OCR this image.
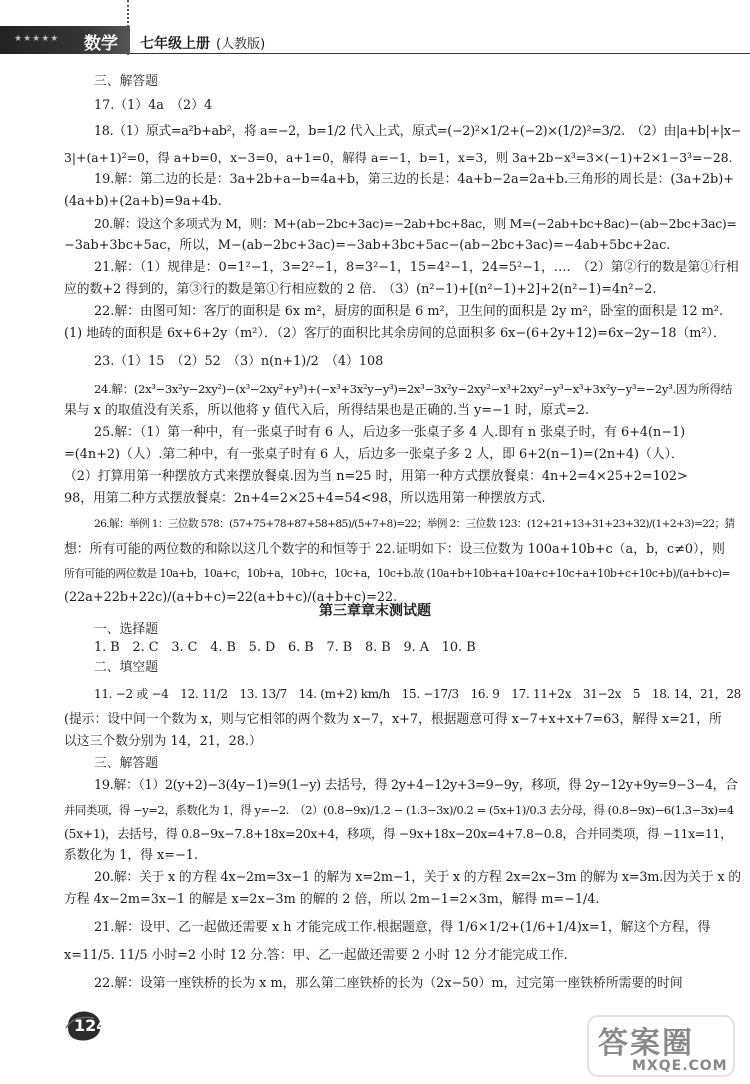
★★★★★ 数学 七年级上册 (人教版)
三、解答题
17.（1）4a　（2）4
18.（1）原式=a²b+ab²，将 a=−2，b=1/2 代入上式，原式=(−2)²×1/2+(−2)×(1/2)²=3/2.　（2）由|a+b|+|x−
3|+(a+1)²=0，得 a+b=0，x−3=0，a+1=0，解得 a=−1，b=1，x=3，则 3a+2b−x³=3×(−1)+2×1−3³=−28.
19.解：第二边的长是：3a+2b+a−b=4a+b，第三边的长是：4a+b−2a=2a+b.三角形的周长是：(3a+2b)+
(4a+b)+(2a+b)=9a+4b.
20.解：设这个多项式为 M，则：M+(ab−2bc+3ac)=−2ab+bc+8ac，则 M=(−2ab+bc+8ac)−(ab−2bc+3ac)=
−3ab+3bc+5ac，所以，M−(ab−2bc+3ac)=−3ab+3bc+5ac−(ab−2bc+3ac)=−4ab+5bc+2ac.
21.解：（1）规律是：0=1²−1，3=2²−1，8=3²−1，15=4²−1，24=5²−1，….　（2）第②行的数是第①行相
应的数+2 得到的，第③行的数是第①行相应数的 2 倍.　（3）(n²−1)+[(n²−1)+2]+2(n²−1)=4n²−2.
22.解：由图可知：客厅的面积是 6x m²，厨房的面积是 6 m²，卫生间的面积是 2y m²，卧室的面积是 12 m².
(1) 地砖的面积是 6x+6+2y（m²）．（2）客厅的面积比其余房间的总面积多 6x−(6+2y+12)=6x−2y−18（m²）．
23.（1）15　（2）52　（3）n(n+1)/2　（4）108
24.解：(2x³−3x²y−2xy²)−(x³−2xy²+y³)+(−x³+3x²y−y³)=2x³−3x²y−2xy²−x³+2xy²−y³−x³+3x²y−y³=−2y³.因为所得结
果与 x 的取值没有关系，所以他将 y 值代入后，所得结果也是正确的.当 y=−1 时，原式=2.
25.解：（1）第一种中，有一张桌子时有 6 人，后边多一张桌子多 4 人.即有 n 张桌子时，有 6+4(n−1)
=(4n+2)（人）.第二种中，有一张桌子时有 6 人，后边多一张桌子多 2 人，即 6+2(n−1)=(2n+4)（人）．
（2）打算用第一种摆放方式来摆放餐桌.因为当 n=25 时，用第一种方式摆放餐桌：4n+2=4×25+2=102>
98，用第二种方式摆放餐桌：2n+4=2×25+4=54<98，所以选用第一种摆放方式.
26.解：举例 1：三位数 578：(57+75+78+87+58+85)/(5+7+8)=22；举例 2：三位数 123：(12+21+13+31+23+32)/(1+2+3)=22；猜
想：所有可能的两位数的和除以这几个数字的和恒等于 22.证明如下：设三位数为 100a+10b+c（a，b，c≠0），则
所有可能的两位数是 10a+b，10a+c，10b+a，10b+c，10c+a，10c+b.故 (10a+b+10b+a+10a+c+10c+a+10b+c+10c+b)/(a+b+c)=
(22a+22b+22c)/(a+b+c)=22(a+b+c)/(a+b+c)=22.
第三章章末测试题
一、选择题
1. B　2. C　3. C　4. B　5. D　6. B　7. B　8. B　9. A　10. B
二、填空题
11. −2 或 −4　12. 11/2　13. 13/7　14. (m+2) km/h　15. −17/3　16. 9　17. 11+2x　31−2x　5　18. 14，21，28
(提示：设中间一个数为 x，则与它相邻的两个数为 x−7，x+7，根据题意可得 x−7+x+x+7=63，解得 x=21，所
以这三个数分别为 14，21，28.）
三、解答题
19.解：（1）2(y+2)−3(4y−1)=9(1−y) 去括号，得 2y+4−12y+3=9−9y，移项，得 2y−12y+9y=9−3−4，合
并同类项，得 −y=2，系数化为 1，得 y=−2.　（2）(0.8−9x)/1.2 − (1.3−3x)/0.2 = (5x+1)/0.3 去分母，得 (0.8−9x)−6(1.3−3x)=4
(5x+1)，去括号，得 0.8−9x−7.8+18x=20x+4，移项，得 −9x+18x−20x=4+7.8−0.8，合并同类项，得 −11x=11，
系数化为 1，得 x=−1.
20.解：关于 x 的方程 4x−2m=3x−1 的解为 x=2m−1，关于 x 的方程 2x=2x−3m 的解为 x=3m.因为关于 x 的
方程 4x−2m=3x−1 的解是 x=2x−3m 的解的 2 倍，所以 2m−1=2×3m，解得 m=−1/4.
21.解：设甲、乙一起做还需要 x h 才能完成工作.根据题意，得 1/6×1/2+(1/6+1/4)x=1，解这个方程，得
x=11/5. 11/5 小时=2 小时 12 分.答：甲、乙一起做还需要 2 小时 12 分才能完成工作.
22.解：设第一座铁桥的长为 x m，那么第二座铁桥的长为（2x−50）m，过完第一座铁桥所需要的时间
124
答案圈
MXQE.COM
